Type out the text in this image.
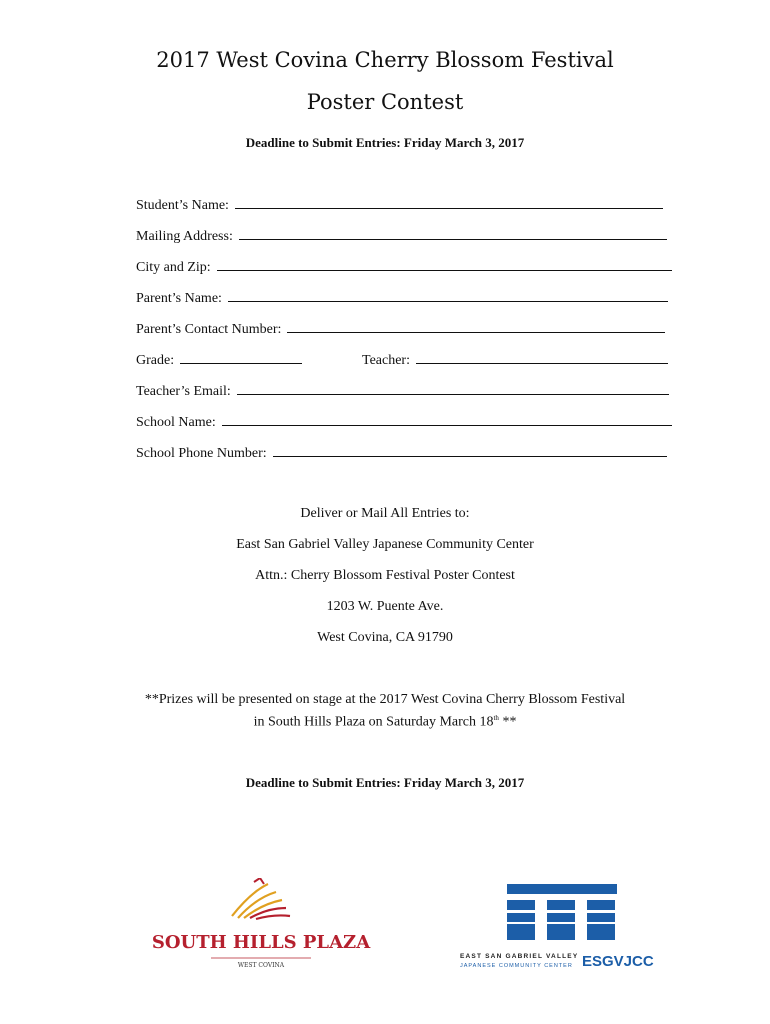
2017 West Covina Cherry Blossom Festival
Poster Contest
Deadline to Submit Entries: Friday March 3, 2017
Student’s Name:
Mailing Address:
City and Zip:
Parent’s Name:
Parent’s Contact Number:
Grade:	Teacher:
Teacher’s Email:
School Name:
School Phone Number:
Deliver or Mail All Entries to:
East San Gabriel Valley Japanese Community Center
Attn.: Cherry Blossom Festival Poster Contest
1203 W. Puente Ave.
West Covina, CA 91790
**Prizes will be presented on stage at the 2017 West Covina Cherry Blossom Festival
in South Hills Plaza on Saturday March 18th **
Deadline to Submit Entries: Friday March 3, 2017
SOUTH HILLS PLAZA
WEST COVINA
EAST SAN GABRIEL VALLEY
JAPANESE COMMUNITY CENTER ESGVJCC
